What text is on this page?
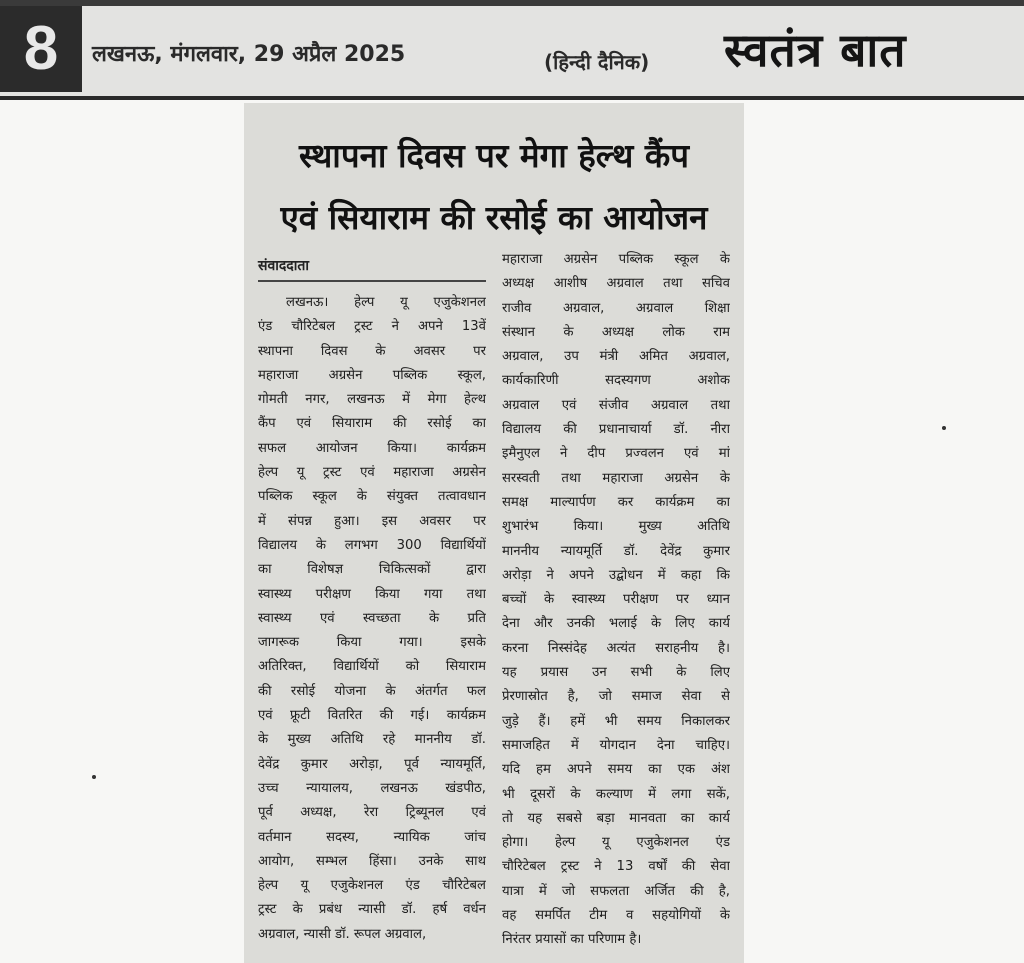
8 लखनऊ, मंगलवार, 29 अप्रैल 2025	(हिन्दी दैनिक) स्वतंत्र बात
स्थापना दिवस पर मेगा हेल्थ कैंप
एवं सियाराम की रसोई का आयोजन
संवाददाता
लखनऊ। हेल्प यू एजुकेशनल
एंड चौरिटेबल ट्रस्ट ने अपने 13वें
स्थापना दिवस के अवसर पर
महाराजा अग्रसेन पब्लिक स्कूल,
गोमती नगर, लखनऊ में मेगा हेल्थ
कैंप एवं सियाराम की रसोई का
सफल आयोजन किया। कार्यक्रम
हेल्प यू ट्रस्ट एवं महाराजा अग्रसेन
पब्लिक स्कूल के संयुक्त तत्वावधान
में संपन्न हुआ। इस अवसर पर
विद्यालय के लगभग 300 विद्यार्थियों
का विशेषज्ञ चिकित्सकों द्वारा
स्वास्थ्य परीक्षण किया गया तथा
स्वास्थ्य एवं स्वच्छता के प्रति
जागरूक किया गया। इसके
अतिरिक्त, विद्यार्थियों को सियाराम
की रसोई योजना के अंतर्गत फल
एवं फ्रूटी वितरित की गई। कार्यक्रम
के मुख्य अतिथि रहे माननीय डॉ.
देवेंद्र कुमार अरोड़ा, पूर्व न्यायमूर्ति,
उच्च न्यायालय, लखनऊ खंडपीठ,
पूर्व अध्यक्ष, रेरा ट्रिब्यूनल एवं
वर्तमान सदस्य, न्यायिक जांच
आयोग, सम्भल हिंसा। उनके साथ
हेल्प यू एजुकेशनल एंड चौरिटेबल
ट्रस्ट के प्रबंध न्यासी डॉ. हर्ष वर्धन
अग्रवाल, न्यासी डॉ. रूपल अग्रवाल,
महाराजा अग्रसेन पब्लिक स्कूल के
अध्यक्ष आशीष अग्रवाल तथा सचिव
राजीव अग्रवाल, अग्रवाल शिक्षा
संस्थान के अध्यक्ष लोक राम
अग्रवाल, उप मंत्री अमित अग्रवाल,
कार्यकारिणी सदस्यगण अशोक
अग्रवाल एवं संजीव अग्रवाल तथा
विद्यालय की प्रधानाचार्या डॉ. नीरा
इमैनुएल ने दीप प्रज्वलन एवं मां
सरस्वती तथा महाराजा अग्रसेन के
समक्ष माल्यार्पण कर कार्यक्रम का
शुभारंभ किया। मुख्य अतिथि
माननीय न्यायमूर्ति डॉ. देवेंद्र कुमार
अरोड़ा ने अपने उद्बोधन में कहा कि
बच्चों के स्वास्थ्य परीक्षण पर ध्यान
देना और उनकी भलाई के लिए कार्य
करना निस्संदेह अत्यंत सराहनीय है।
यह प्रयास उन सभी के लिए
प्रेरणास्रोत है, जो समाज सेवा से
जुड़े हैं। हमें भी समय निकालकर
समाजहित में योगदान देना चाहिए।
यदि हम अपने समय का एक अंश
भी दूसरों के कल्याण में लगा सकें,
तो यह सबसे बड़ा मानवता का कार्य
होगा। हेल्प यू एजुकेशनल एंड
चौरिटेबल ट्रस्ट ने 13 वर्षों की सेवा
यात्रा में जो सफलता अर्जित की है,
वह समर्पित टीम व सहयोगियों के
निरंतर प्रयासों का परिणाम है।
